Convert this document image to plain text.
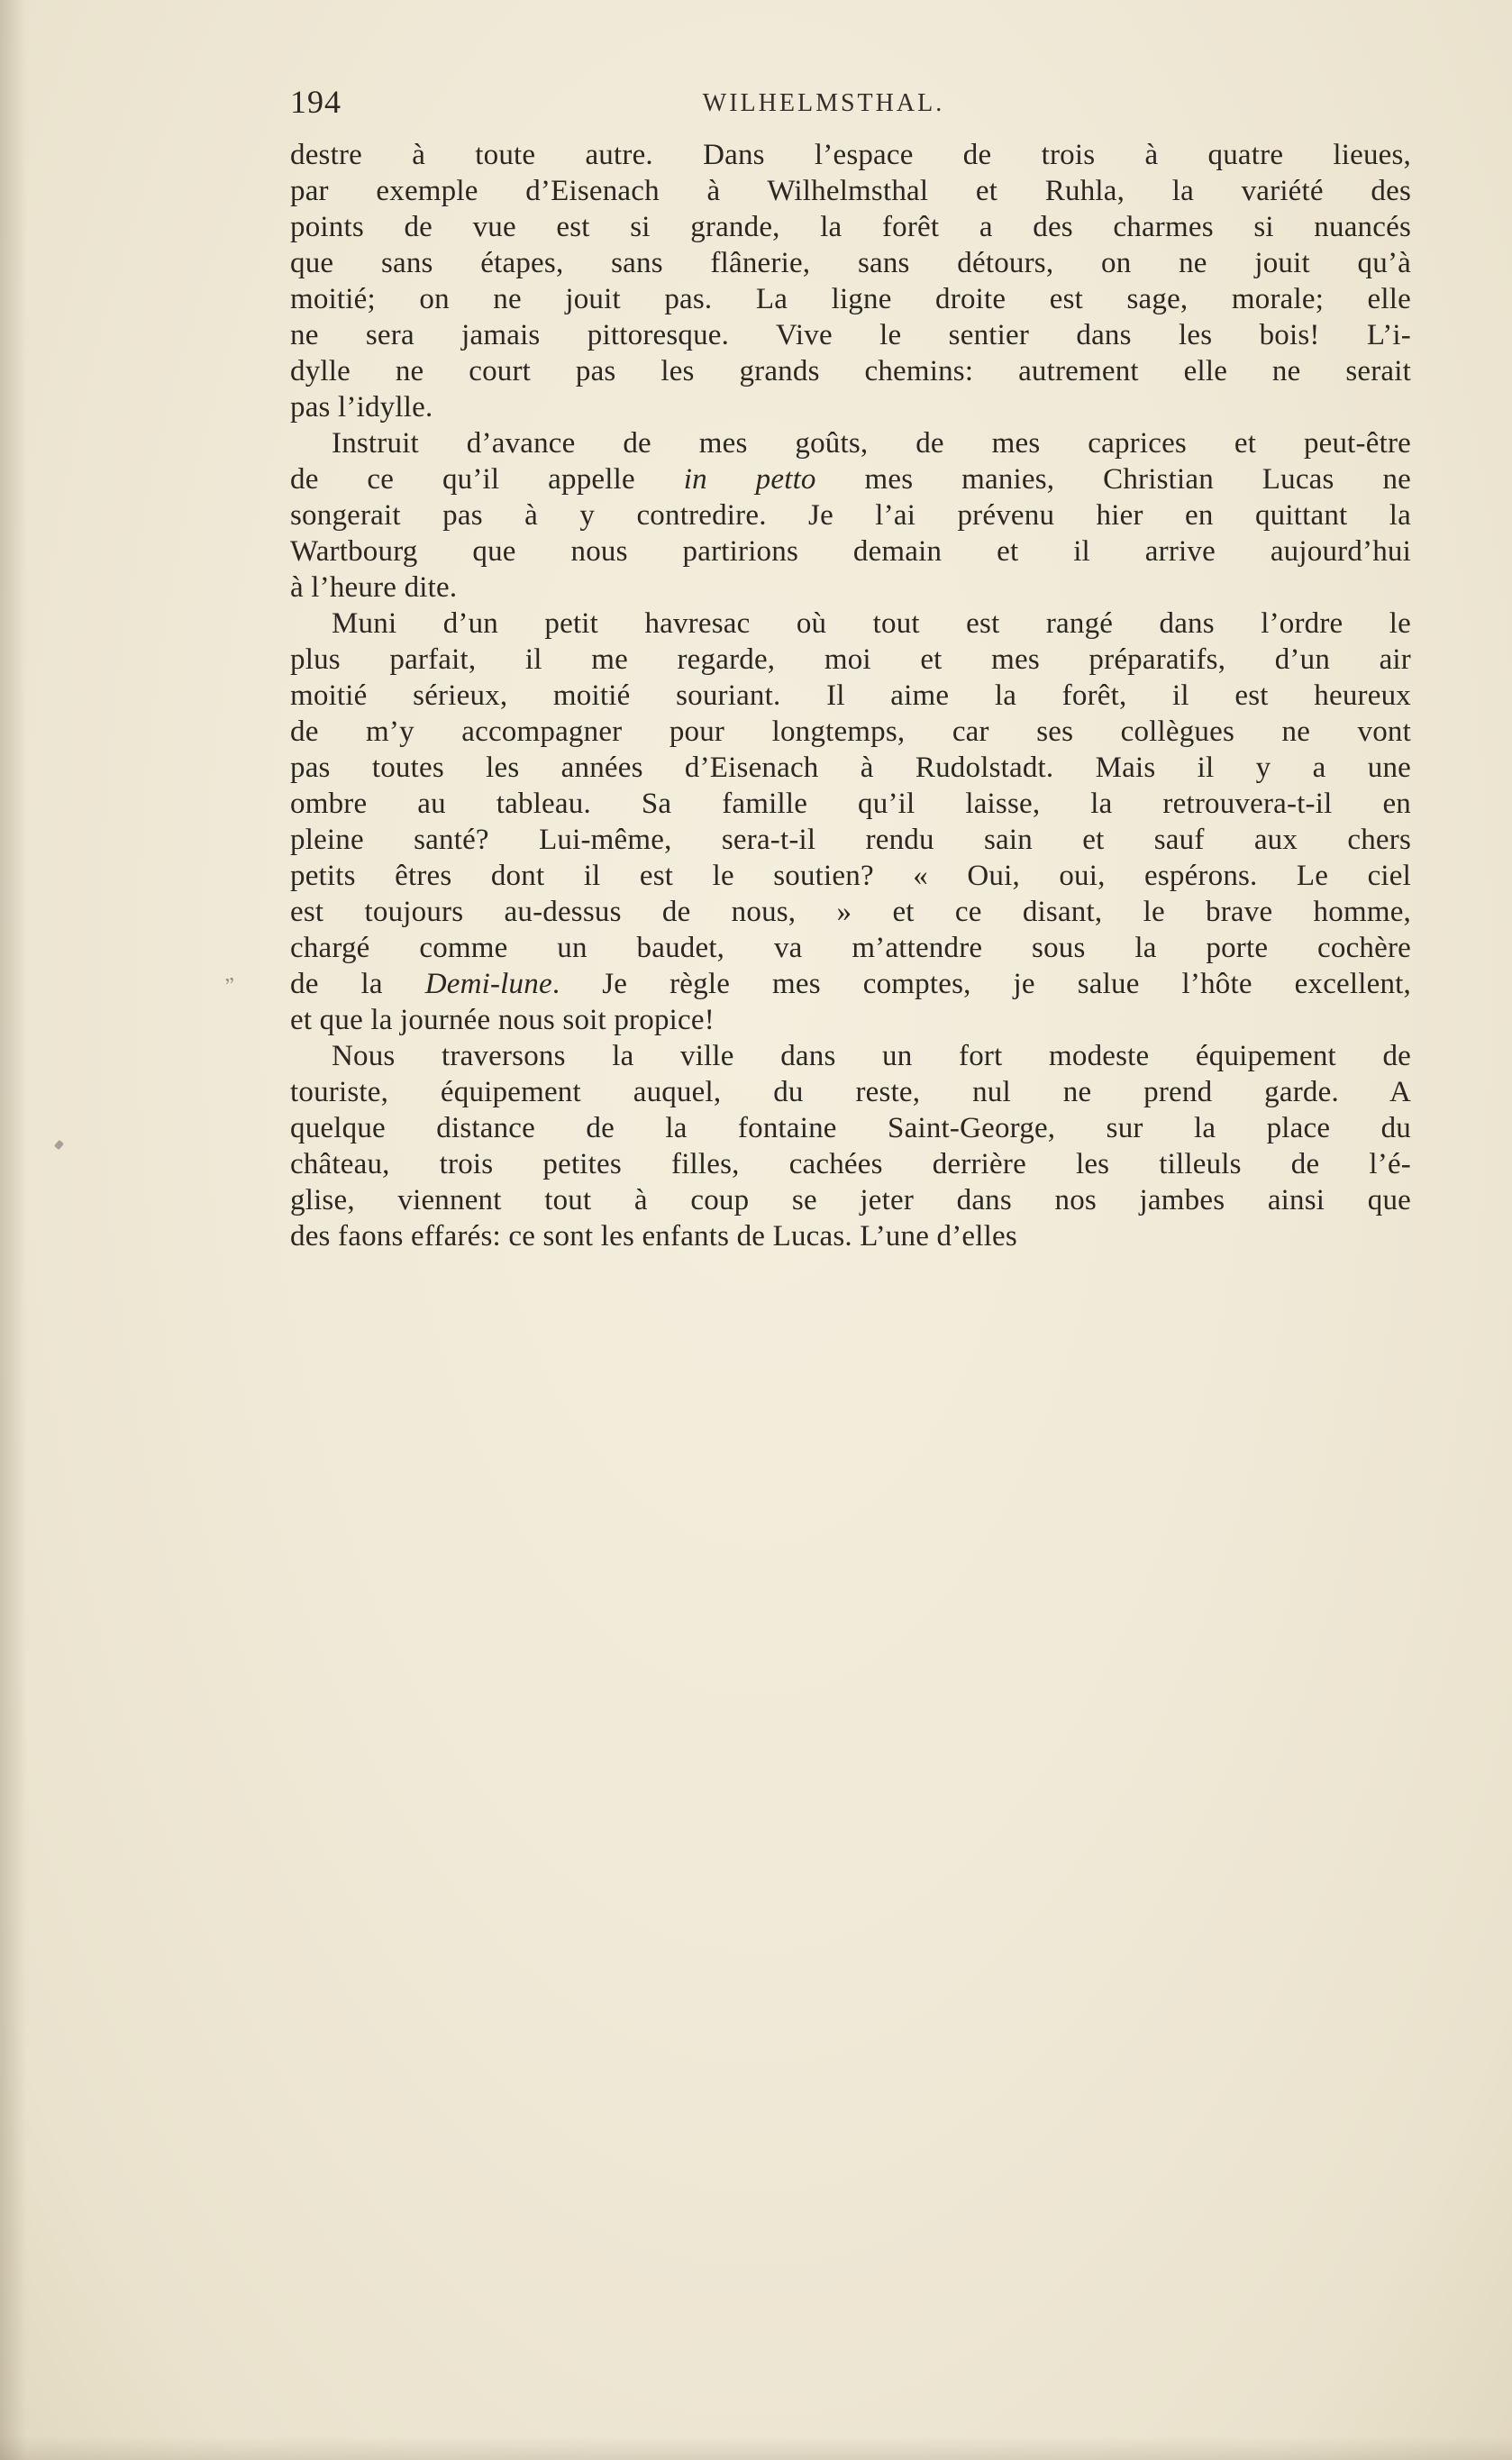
194	WILHELMSTHAL.
destre à toute autre. Dans l’espace de trois à quatre lieues,
par exemple d’Eisenach à Wilhelmsthal et Ruhla, la variété des
points de vue est si grande, la forêt a des charmes si nuancés
que sans étapes, sans flânerie, sans détours, on ne jouit qu’à
moitié; on ne jouit pas. La ligne droite est sage, morale; elle
ne sera jamais pittoresque. Vive le sentier dans les bois! L’i-
dylle ne court pas les grands chemins: autrement elle ne serait
pas l’idylle.
Instruit d’avance de mes goûts, de mes caprices et peut-être
de ce qu’il appelle in petto mes manies, Christian Lucas ne
songerait pas à y contredire. Je l’ai prévenu hier en quittant la
Wartbourg que nous partirions demain et il arrive aujourd’hui
à l’heure dite.
Muni d’un petit havresac où tout est rangé dans l’ordre le
plus parfait, il me regarde, moi et mes préparatifs, d’un air
moitié sérieux, moitié souriant. Il aime la forêt, il est heureux
de m’y accompagner pour longtemps, car ses collègues ne vont
pas toutes les années d’Eisenach à Rudolstadt. Mais il y a une
ombre au tableau. Sa famille qu’il laisse, la retrouvera-t-il en
pleine santé? Lui-même, sera-t-il rendu sain et sauf aux chers
petits êtres dont il est le soutien? « Oui, oui, espérons. Le ciel
est toujours au-dessus de nous, » et ce disant, le brave homme,
chargé comme un baudet, va m’attendre sous la porte cochère
de la Demi-lune. Je règle mes comptes, je salue l’hôte excellent,
et que la journée nous soit propice!
Nous traversons la ville dans un fort modeste équipement de
touriste, équipement auquel, du reste, nul ne prend garde. A
quelque distance de la fontaine Saint-George, sur la place du
château, trois petites filles, cachées derrière les tilleuls de l’é-
glise, viennent tout à coup se jeter dans nos jambes ainsi que
des faons effarés: ce sont les enfants de Lucas. L’une d’elles
„
